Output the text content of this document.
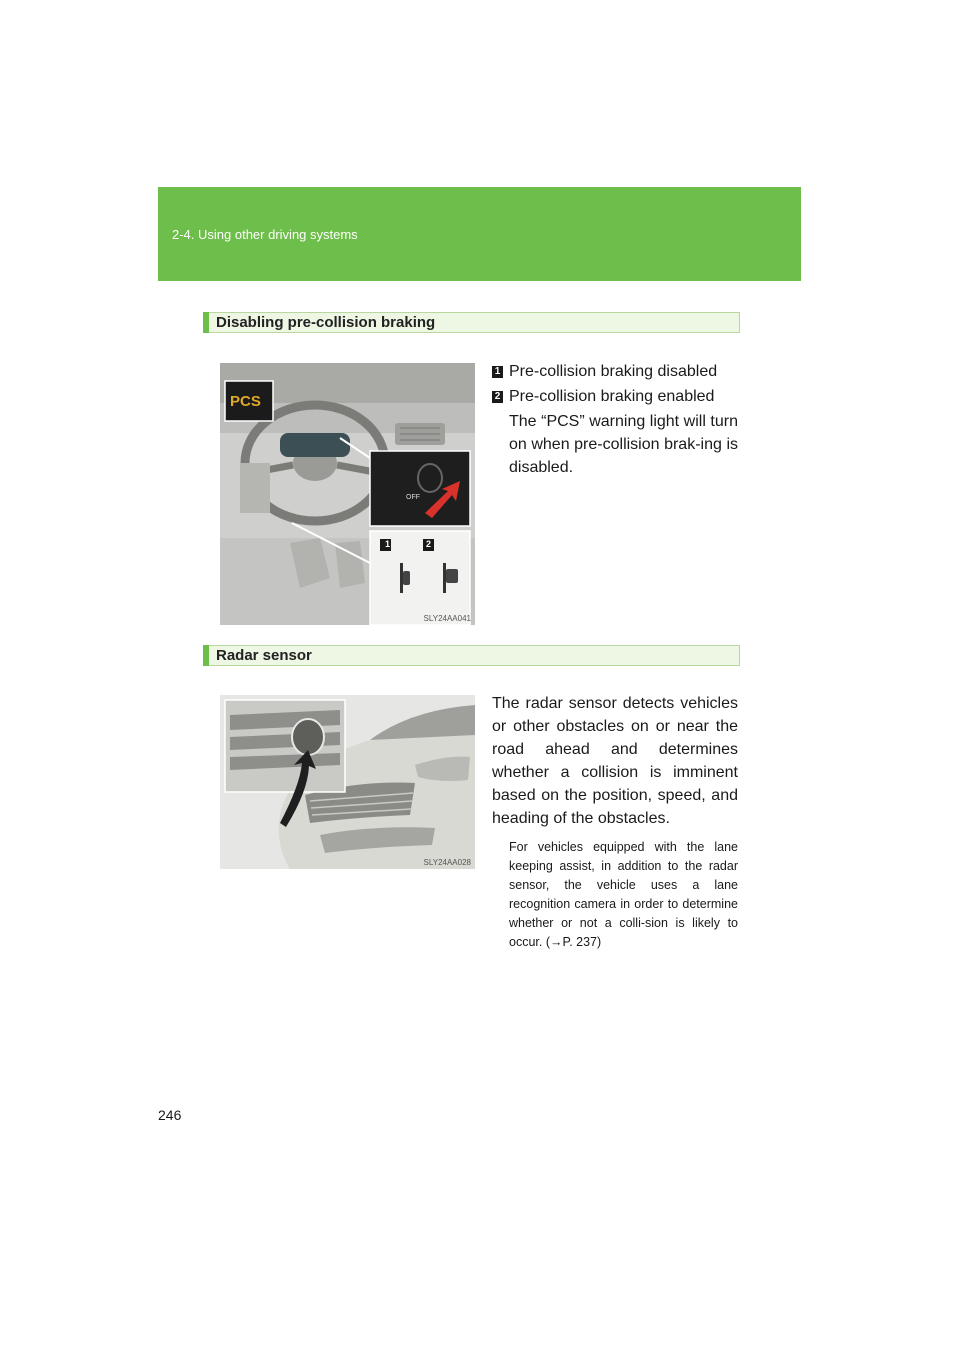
2-4. Using other driving systems
Disabling pre-collision braking
PCS
OFF
1	2
SLY24AA041
1 Pre-collision braking disabled
2 Pre-collision braking enabled
The “PCS” warning light will turn on when pre-collision brak-ing is disabled.
Radar sensor
SLY24AA028
The radar sensor detects vehicles or other obstacles on or near the road ahead and determines whether a collision is imminent based on the position, speed, and heading of the obstacles.
For vehicles equipped with the lane keeping assist, in addition to the radar sensor, the vehicle uses a lane recognition camera in order to determine whether or not a colli-sion is likely to occur. (→P. 237)
246
